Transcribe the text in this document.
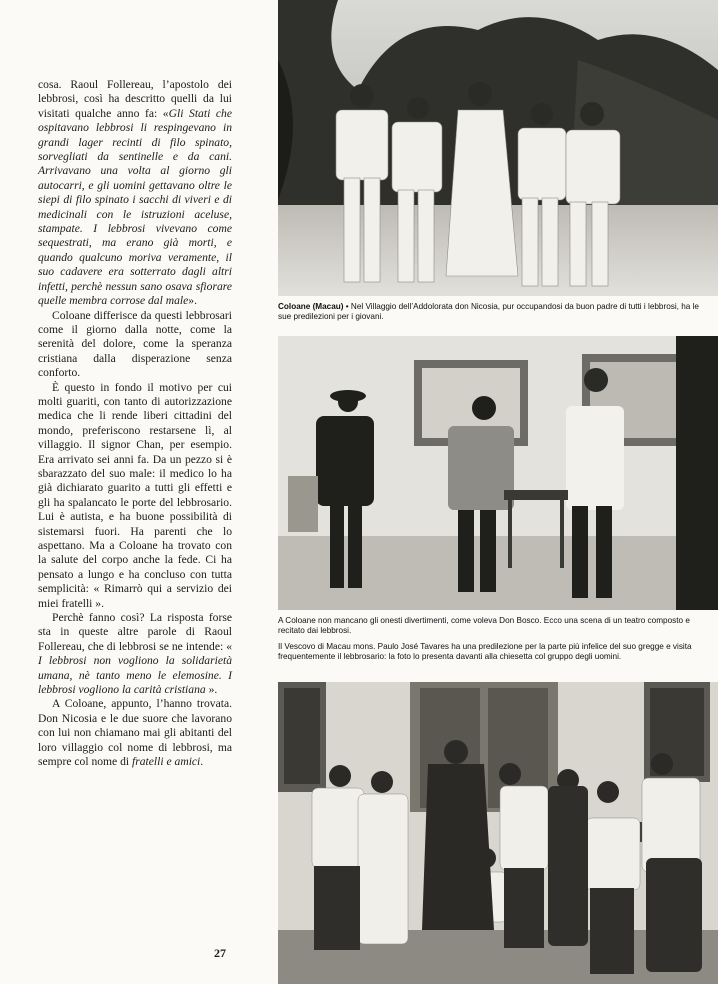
cosa. Raoul Follereau, l’apostolo dei lebbrosi, così ha descritto quelli da lui visitati qualche anno fa: «Gli Stati che ospitavano lebbrosi li respingevano in grandi lager recinti di filo spinato, sorvegliati da sentinelle e da cani. Arrivavano una volta al giorno gli autocarri, e gli uomini gettavano oltre le siepi di filo spinato i sacchi di viveri e di medicinali con le istruzioni aceluse, stampate. I lebbrosi vivevano come sequestrati, ma erano già morti, e quando qualcuno moriva veramente, il suo cadavere era sotterrato dagli altri infetti, perchè nessun sano osava sfiorare quelle membra corrose dal male».

Coloane differisce da questi lebbrosari come il giorno dalla notte, come la serenità del dolore, come la speranza cristiana dalla disperazione senza conforto.

È questo in fondo il motivo per cui molti guariti, con tanto di autorizzazione medica che li rende liberi cittadini del mondo, preferiscono restarsene lì, al villaggio. Il signor Chan, per esempio. Era arrivato sei anni fa. Da un pezzo si è sbarazzato del suo male: il medico lo ha già dichiarato guarito a tutti gli effetti e gli ha spalancato le porte del lebbrosario. Lui è autista, e ha buone possibilità di sistemarsi fuori. Ha parenti che lo aspettano. Ma a Coloane ha trovato con la salute del corpo anche la fede. Ci ha pensato a lungo e ha concluso con tutta semplicità: « Rimarrò qui a servizio dei miei fratelli ».

Perchè fanno così? La risposta forse sta in queste altre parole di Raoul Follereau, che di lebbrosi se ne intende: « I lebbrosi non vogliono la solidarietà umana, nè tanto meno le elemosine. I lebbrosi vogliono la carità cristiana ».

A Coloane, appunto, l’hanno trovata. Don Nicosia e le due suore che lavorano con lui non chiamano mai gli abitanti del loro villaggio col nome di lebbrosi, ma sempre col nome di fratelli e amici.

27
Coloane (Macau) • Nel Villaggio dell’Addolorata don Nicosia, pur occupandosi da buon padre di tutti i lebbrosi, ha le sue predilezioni per i giovani.
A Coloane non mancano gli onesti divertimenti, come voleva Don Bosco. Ecco una scena di un teatro composto e recitato dai lebbrosi.
Il Vescovo di Macau mons. Paulo José Tavares ha una predilezione per la parte più infelice del suo gregge e visita frequentemente il lebbrosario: la foto lo presenta davanti alla chiesetta col gruppo degli uomini.
